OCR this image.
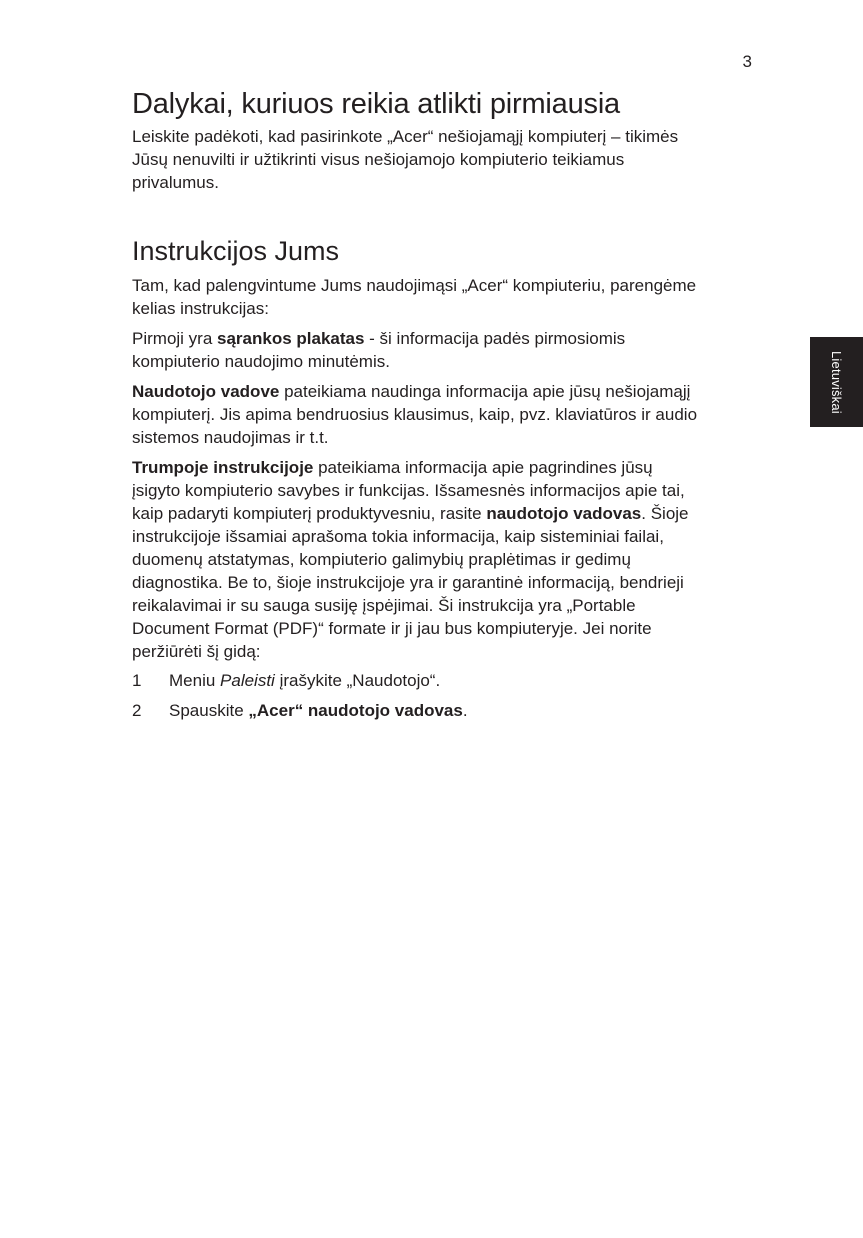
3
Lietuviškai
Dalykai, kuriuos reikia atlikti pirmiausia

Leiskite padėkoti, kad pasirinkote „Acer“ nešiojamąjį kompiuterį – tikimės
Jūsų nenuvilti ir užtikrinti visus nešiojamojo kompiuterio teikiamus
privalumus.

Instrukcijos Jums

Tam, kad palengvintume Jums naudojimąsi „Acer“ kompiuteriu, parengėme
kelias instrukcijas:

Pirmoji yra sąrankos plakatas - ši informacija padės pirmosiomis
kompiuterio naudojimo minutėmis.

Naudotojo vadove pateikiama naudinga informacija apie jūsų nešiojamąjį
kompiuterį. Jis apima bendruosius klausimus, kaip, pvz. klaviatūros ir audio
sistemos naudojimas ir t.t.

Trumpoje instrukcijoje pateikiama informacija apie pagrindines jūsų
įsigyto kompiuterio savybes ir funkcijas. Išsamesnės informacijos apie tai,
kaip padaryti kompiuterį produktyvesniu, rasite naudotojo vadovas. Šioje
instrukcijoje išsamiai aprašoma tokia informacija, kaip sisteminiai failai,
duomenų atstatymas, kompiuterio galimybių praplėtimas ir gedimų
diagnostika. Be to, šioje instrukcijoje yra ir garantinė informaciją, bendrieji
reikalavimai ir su sauga susiję įspėjimai. Ši instrukcija yra „Portable
Document Format (PDF)“ formate ir ji jau bus kompiuteryje. Jei norite
peržiūrėti šį gidą:

1	Meniu Paleisti įrašykite „Naudotojo“.
2	Spauskite „Acer“ naudotojo vadovas.
